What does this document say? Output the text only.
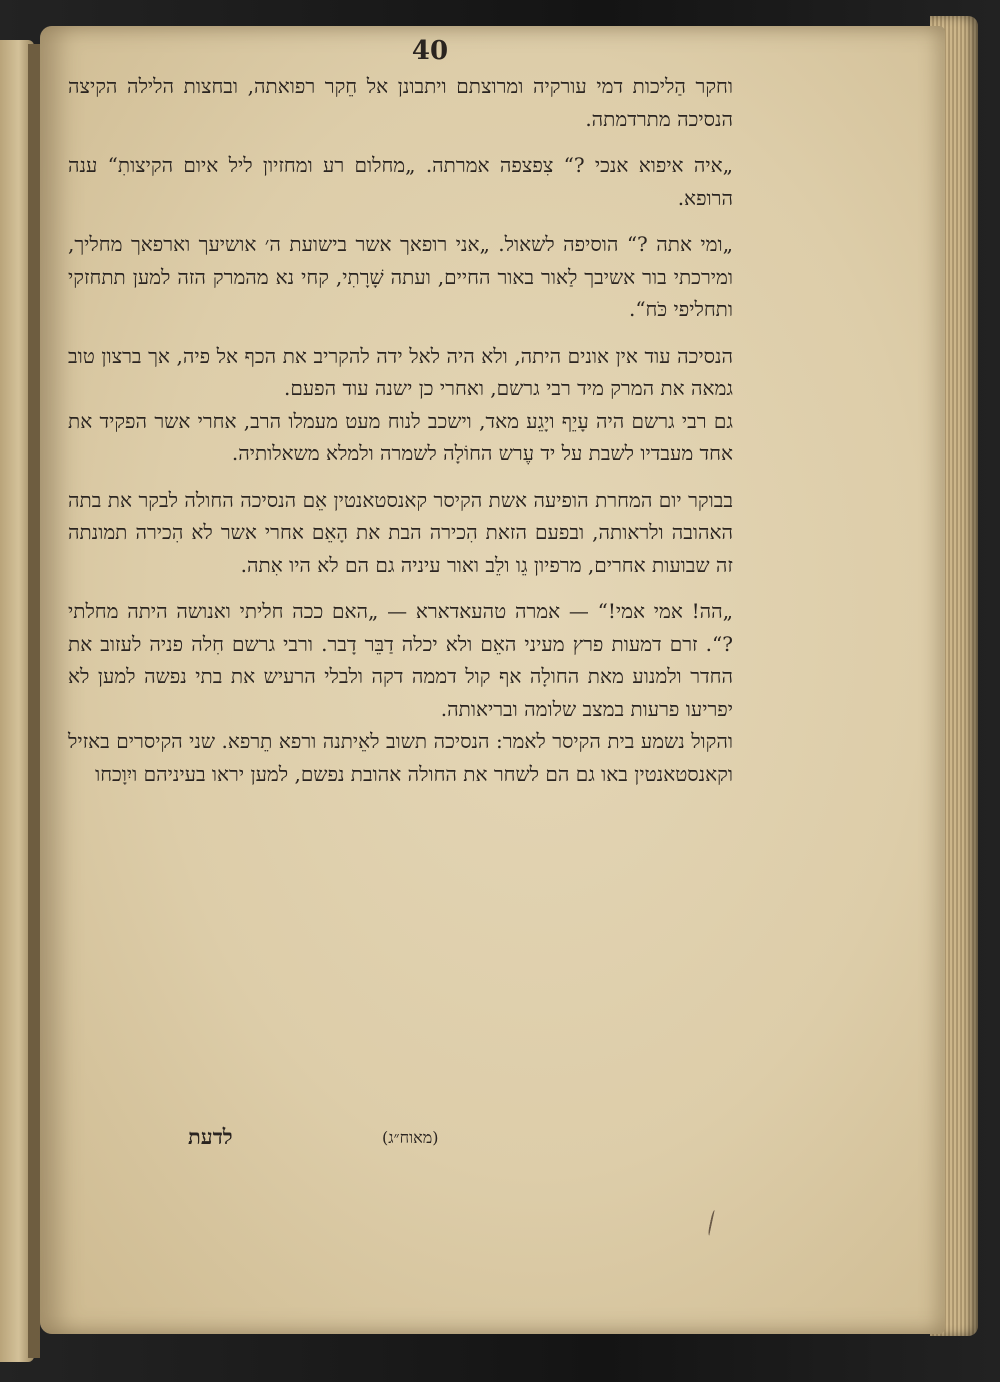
40

וחקר הַליכות דמי עורקיה ומרוצתם ויתבונן אל חֵקר רפואתה, ובחצות הלילה הקיצה הנסיכה מתרדמתה.

„איה איפוא אנכי ?“ צִפצפה אמרתה. „מחלום רע ומחזיון ליל איום הקיצותִ“ ענה הרופא.

„ומי אתה ?“ הוסיפה לשאול. „אני רופאך אשר בישועת ה׳ אושיעך וארפאך מחליך, ומירכתי בור אשיבך לַאור באור החיים, ועתה שָׁרָתִי, קחי נא מהמרק הזה למען תתחזקי ותחליפי כֹּח“.

הנסיכה עוד אין אונים היתה, ולא היה לאל ידה להקריב את הכף אל פיה, אך ברצון טוב גמאה את המרק מיד רבי גרשם, ואחרי כן ישנה עוד הפעם.

גם רבי גרשם היה עָיֵף ויָגֵע מאד, וישכב לנוח מעט מעמלו הרב, אחרי אשר הפקיד את אחד מעבדיו לשבת על יד עֶרש החוֹלָה לשמרה ולמלא משאלותיה.

בבוקר יום המחרת הופיעה אשת הקיסר קאנסטאנטין אֵם הנסיכה החולה לבקר את בתה האהובה ולראותה, ובפעם הזאת הִכירה הבת את הָאֵם אחרי אשר לא הִכירה תמונתה זה שבועות אחרים, מרפיון גֵו ולֵב ואור עיניה גם הם לא היו אִתה.

„הה! אמי אמי!“ — אמרה טהעאדארא — „האם ככה חליתי ואנושה היתה מחלתי ?“. זרם דמעות פרץ מעיני האֵם ולא יכלה דַבֵּר דָבר. ורבי גרשם חִלה פניה לעזוב את החדר ולמנוע מאת החולָה אף קול דממה דקה ולבלי הרעיש את בתי נפשה למען לא יפריעו פרעות במצב שלומה ובריאותה.

והקול נשמע בית הקיסר לאמר: הנסיכה תשוב לאֵיתנה ורפא תֵרפא. שני הקיסרים באזיל וקאנסטאנטין באו גם הם לשחר את החולה אהובת נפשם, למען יראו בעיניהם ויִוָכחו

לדעת	(מאוח״ג)
